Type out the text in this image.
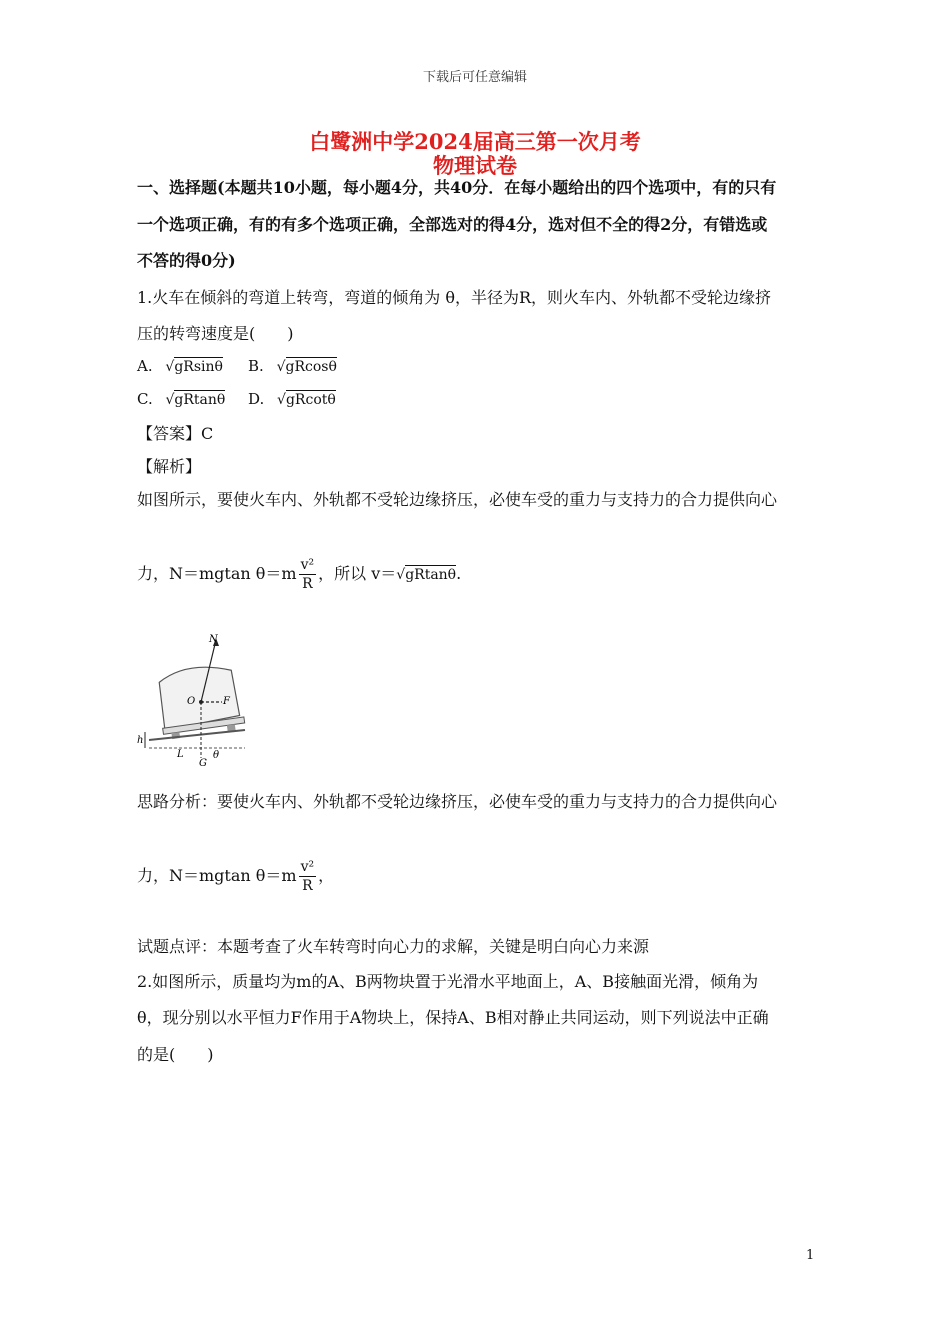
下载后可任意编辑
白鹭洲中学2024届高三第一次月考
物理试卷
一、选择题(本题共10小题，每小题4分，共40分．在每小题给出的四个选项中，有的只有
一个选项正确，有的有多个选项正确，全部选对的得4分，选对但不全的得2分，有错选或
不答的得0分)
1.火车在倾斜的弯道上转弯，弯道的倾角为 θ，半径为R，则火车内、外轨都不受轮边缘挤
压的转弯速度是(　　)
A. √gRsinθ B. √gRcosθ
C. √gRtanθ D. √gRcotθ
【答案】C
【解析】
如图所示，要使火车内、外轨都不受轮边缘挤压，必使车受的重力与支持力的合力提供向心
力，N＝mgtan $\theta=m \frac{\text{v²}}{R}$ ，所以 v＝√gRtanθ.
N
O	F
h
L
G
θ
思路分析：要使火车内、外轨都不受轮边缘挤压，必使车受的重力与支持力的合力提供向心
力，N＝mgtan $\theta=m \frac{\text{v²}}{R}$ ，
试题点评：本题考查了火车转弯时向心力的求解，关键是明白向心力来源
2.如图所示，质量均为m的A、B两物块置于光滑水平地面上，A、B接触面光滑，倾角为
θ，现分别以水平恒力F作用于A物块上，保持A、B相对静止共同运动，则下列说法中正确
的是(　　)
1
